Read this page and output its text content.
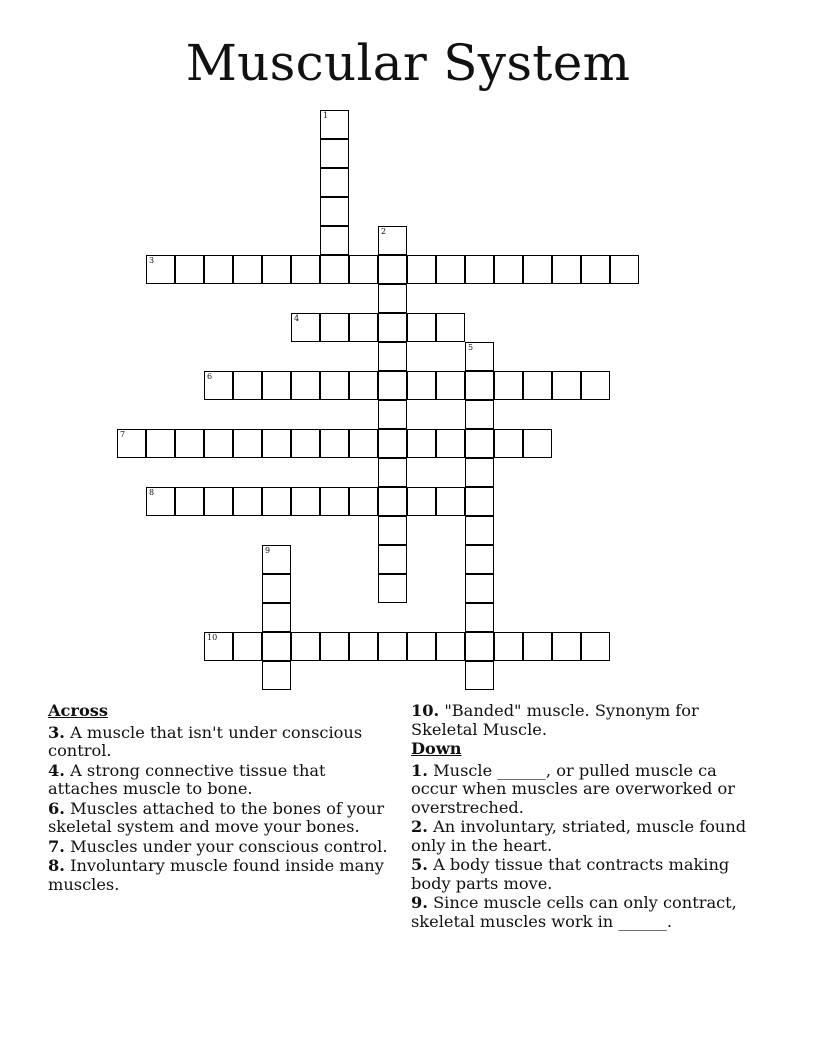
Muscular System
1
2
3
4
5
6
7
8
9
10
Across
3. A muscle that isn't under conscious control.
4. A strong connective tissue that attaches muscle to bone.
6. Muscles attached to the bones of your skeletal system and move your bones.
7. Muscles under your conscious control.
8. Involuntary muscle found inside many muscles.
10. "Banded" muscle. Synonym for Skeletal Muscle.
Down
1. Muscle ______, or pulled muscle ca occur when muscles are overworked or overstreched.
2. An involuntary, striated, muscle found only in the heart.
5. A body tissue that contracts making body parts move.
9. Since muscle cells can only contract, skeletal muscles work in ______.
